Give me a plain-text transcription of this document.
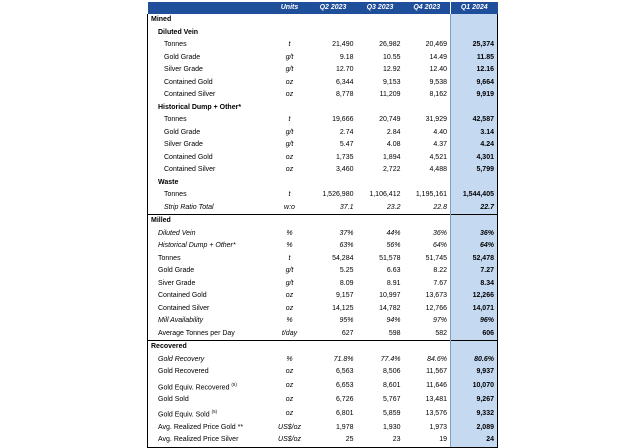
	Units	Q2 2023	Q3 2023	Q4 2023	Q1 2024
Mined					
Diluted Vein					
Tonnes	t	21,490	26,982	20,469	25,374
Gold Grade	g/t	9.18	10.55	14.49	11.85
Silver Grade	g/t	12.70	12.92	12.40	12.16
Contained Gold	oz	6,344	9,153	9,538	9,664
Contained Silver	oz	8,778	11,209	8,162	9,919
Historical Dump + Other*					
Tonnes	t	19,666	20,749	31,929	42,587
Gold Grade	g/t	2.74	2.84	4.40	3.14
Silver Grade	g/t	5.47	4.08	4.37	4.24
Contained Gold	oz	1,735	1,894	4,521	4,301
Contained Silver	oz	3,460	2,722	4,488	5,799
Waste					
Tonnes	t	1,526,980	1,106,412	1,195,161	1,544,405
Strip Ratio Total	w:o	37.1	23.2	22.8	22.7
Milled					
Diluted Vein	%	37%	44%	36%	36%
Historical Dump + Other*	%	63%	56%	64%	64%
Tonnes	t	54,284	51,578	51,745	52,478
Gold Grade	g/t	5.25	6.63	8.22	7.27
Siver Grade	g/t	8.09	8.91	7.67	8.34
Contained Gold	oz	9,157	10,997	13,673	12,266
Contained Silver	oz	14,125	14,782	12,766	14,071
Mill Availability	%	95%	94%	97%	96%
Average Tonnes per Day	t/day	627	598	582	606
Recovered					
Gold Recovery	%	71.8%	77.4%	84.6%	80.6%
Gold Recovered	oz	6,563	8,506	11,567	9,937
Gold Equiv. Recovered $^{(5)}$	oz	6,653	8,601	11,646	10,070
Gold Sold	oz	6,726	5,767	13,481	9,267
Gold Equiv. Sold $^{(5)}$	oz	6,801	5,859	13,576	9,332
Avg. Realized Price Gold **	US$/oz	1,978	1,930	1,973	2,089
Avg. Realized Price Silver	US$/oz	25	23	19	24
